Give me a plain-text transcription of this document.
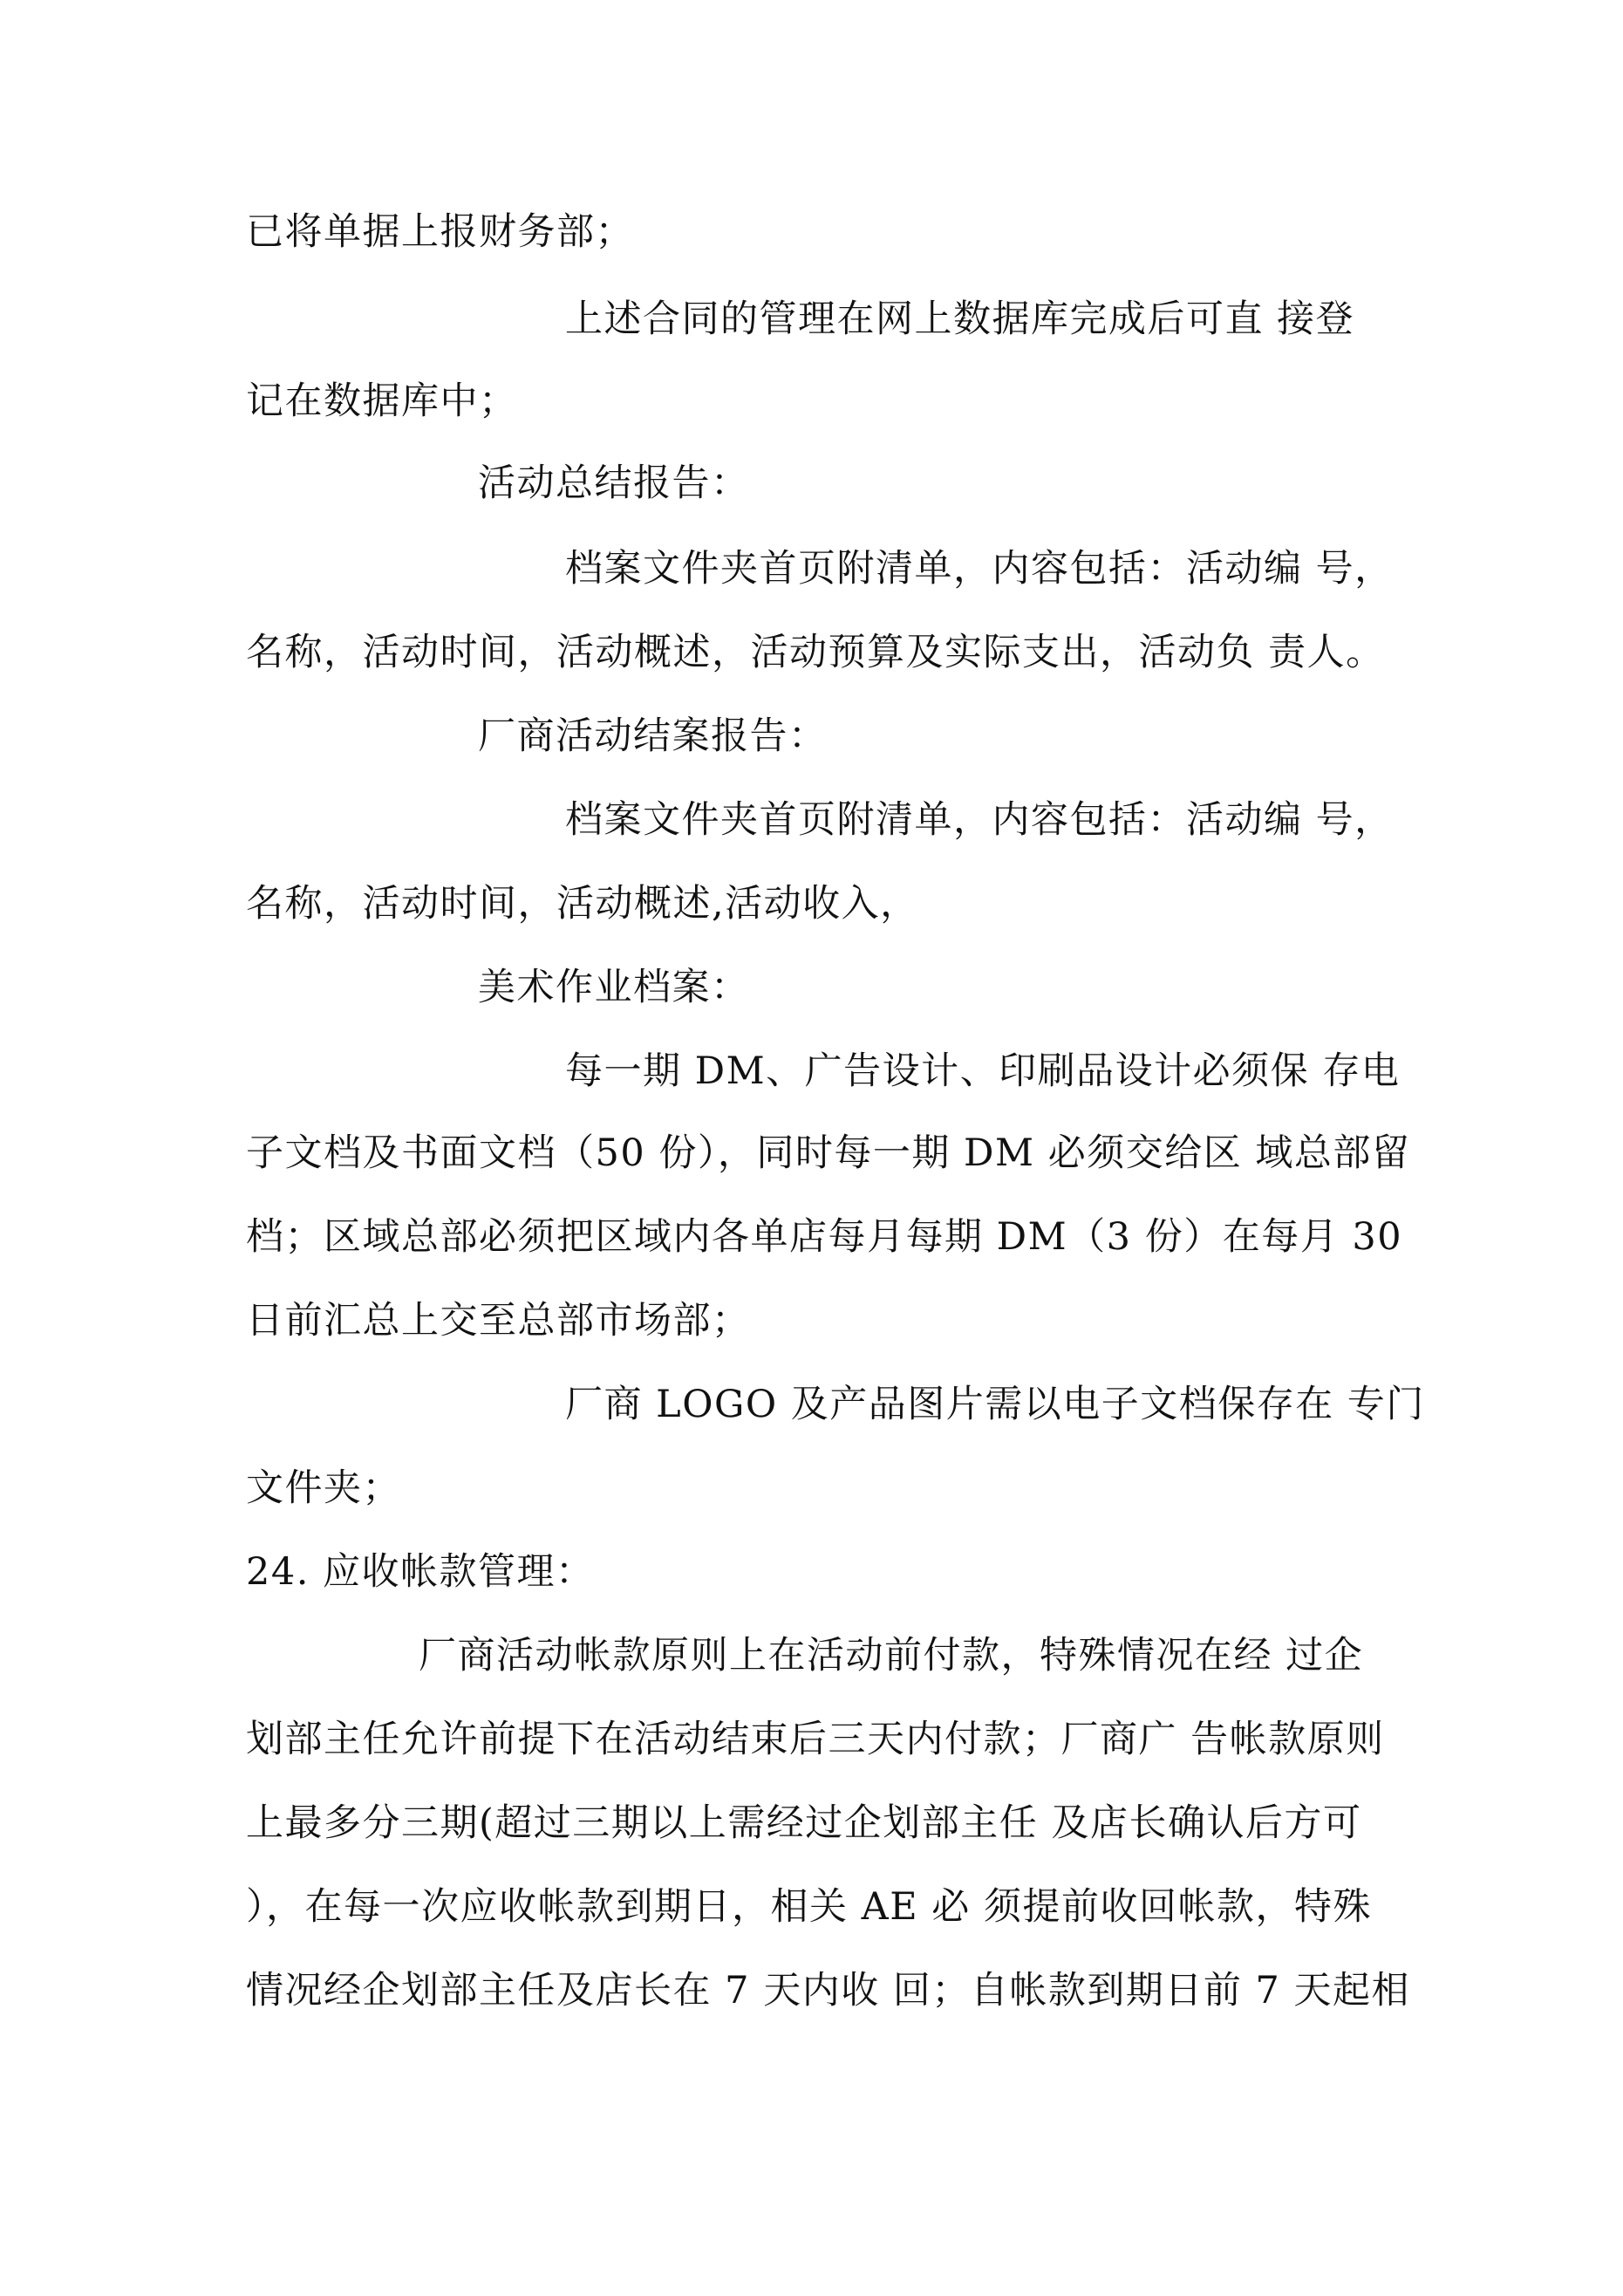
已将单据上报财务部；
上述合同的管理在网上数据库完成后可直 接登
记在数据库中；
活动总结报告：
档案文件夹首页附清单，内容包括：活动编 号，
名称，活动时间，活动概述，活动预算及实际支出，活动负 责人。
厂商活动结案报告：
档案文件夹首页附清单，内容包括：活动编 号，
名称，活动时间，活动概述,活动收入，
美术作业档案：
每一期 DM、广告设计、印刷品设计必须保 存电
子文档及书面文档（50 份），同时每一期 DM 必须交给区 域总部留
档；区域总部必须把区域内各单店每月每期 DM（3 份）在每月 30
日前汇总上交至总部市场部；
厂商 LOGO 及产品图片需以电子文档保存在 专门
文件夹；
24. 应收帐款管理：
厂商活动帐款原则上在活动前付款，特殊情况在经 过企
划部主任允许前提下在活动结束后三天内付款；厂商广 告帐款原则
上最多分三期(超过三期以上需经过企划部主任 及店长确认后方可
），在每一次应收帐款到期日，相关 AE 必 须提前收回帐款，特殊
情况经企划部主任及店长在 7 天内收 回；自帐款到期日前 7 天起相
